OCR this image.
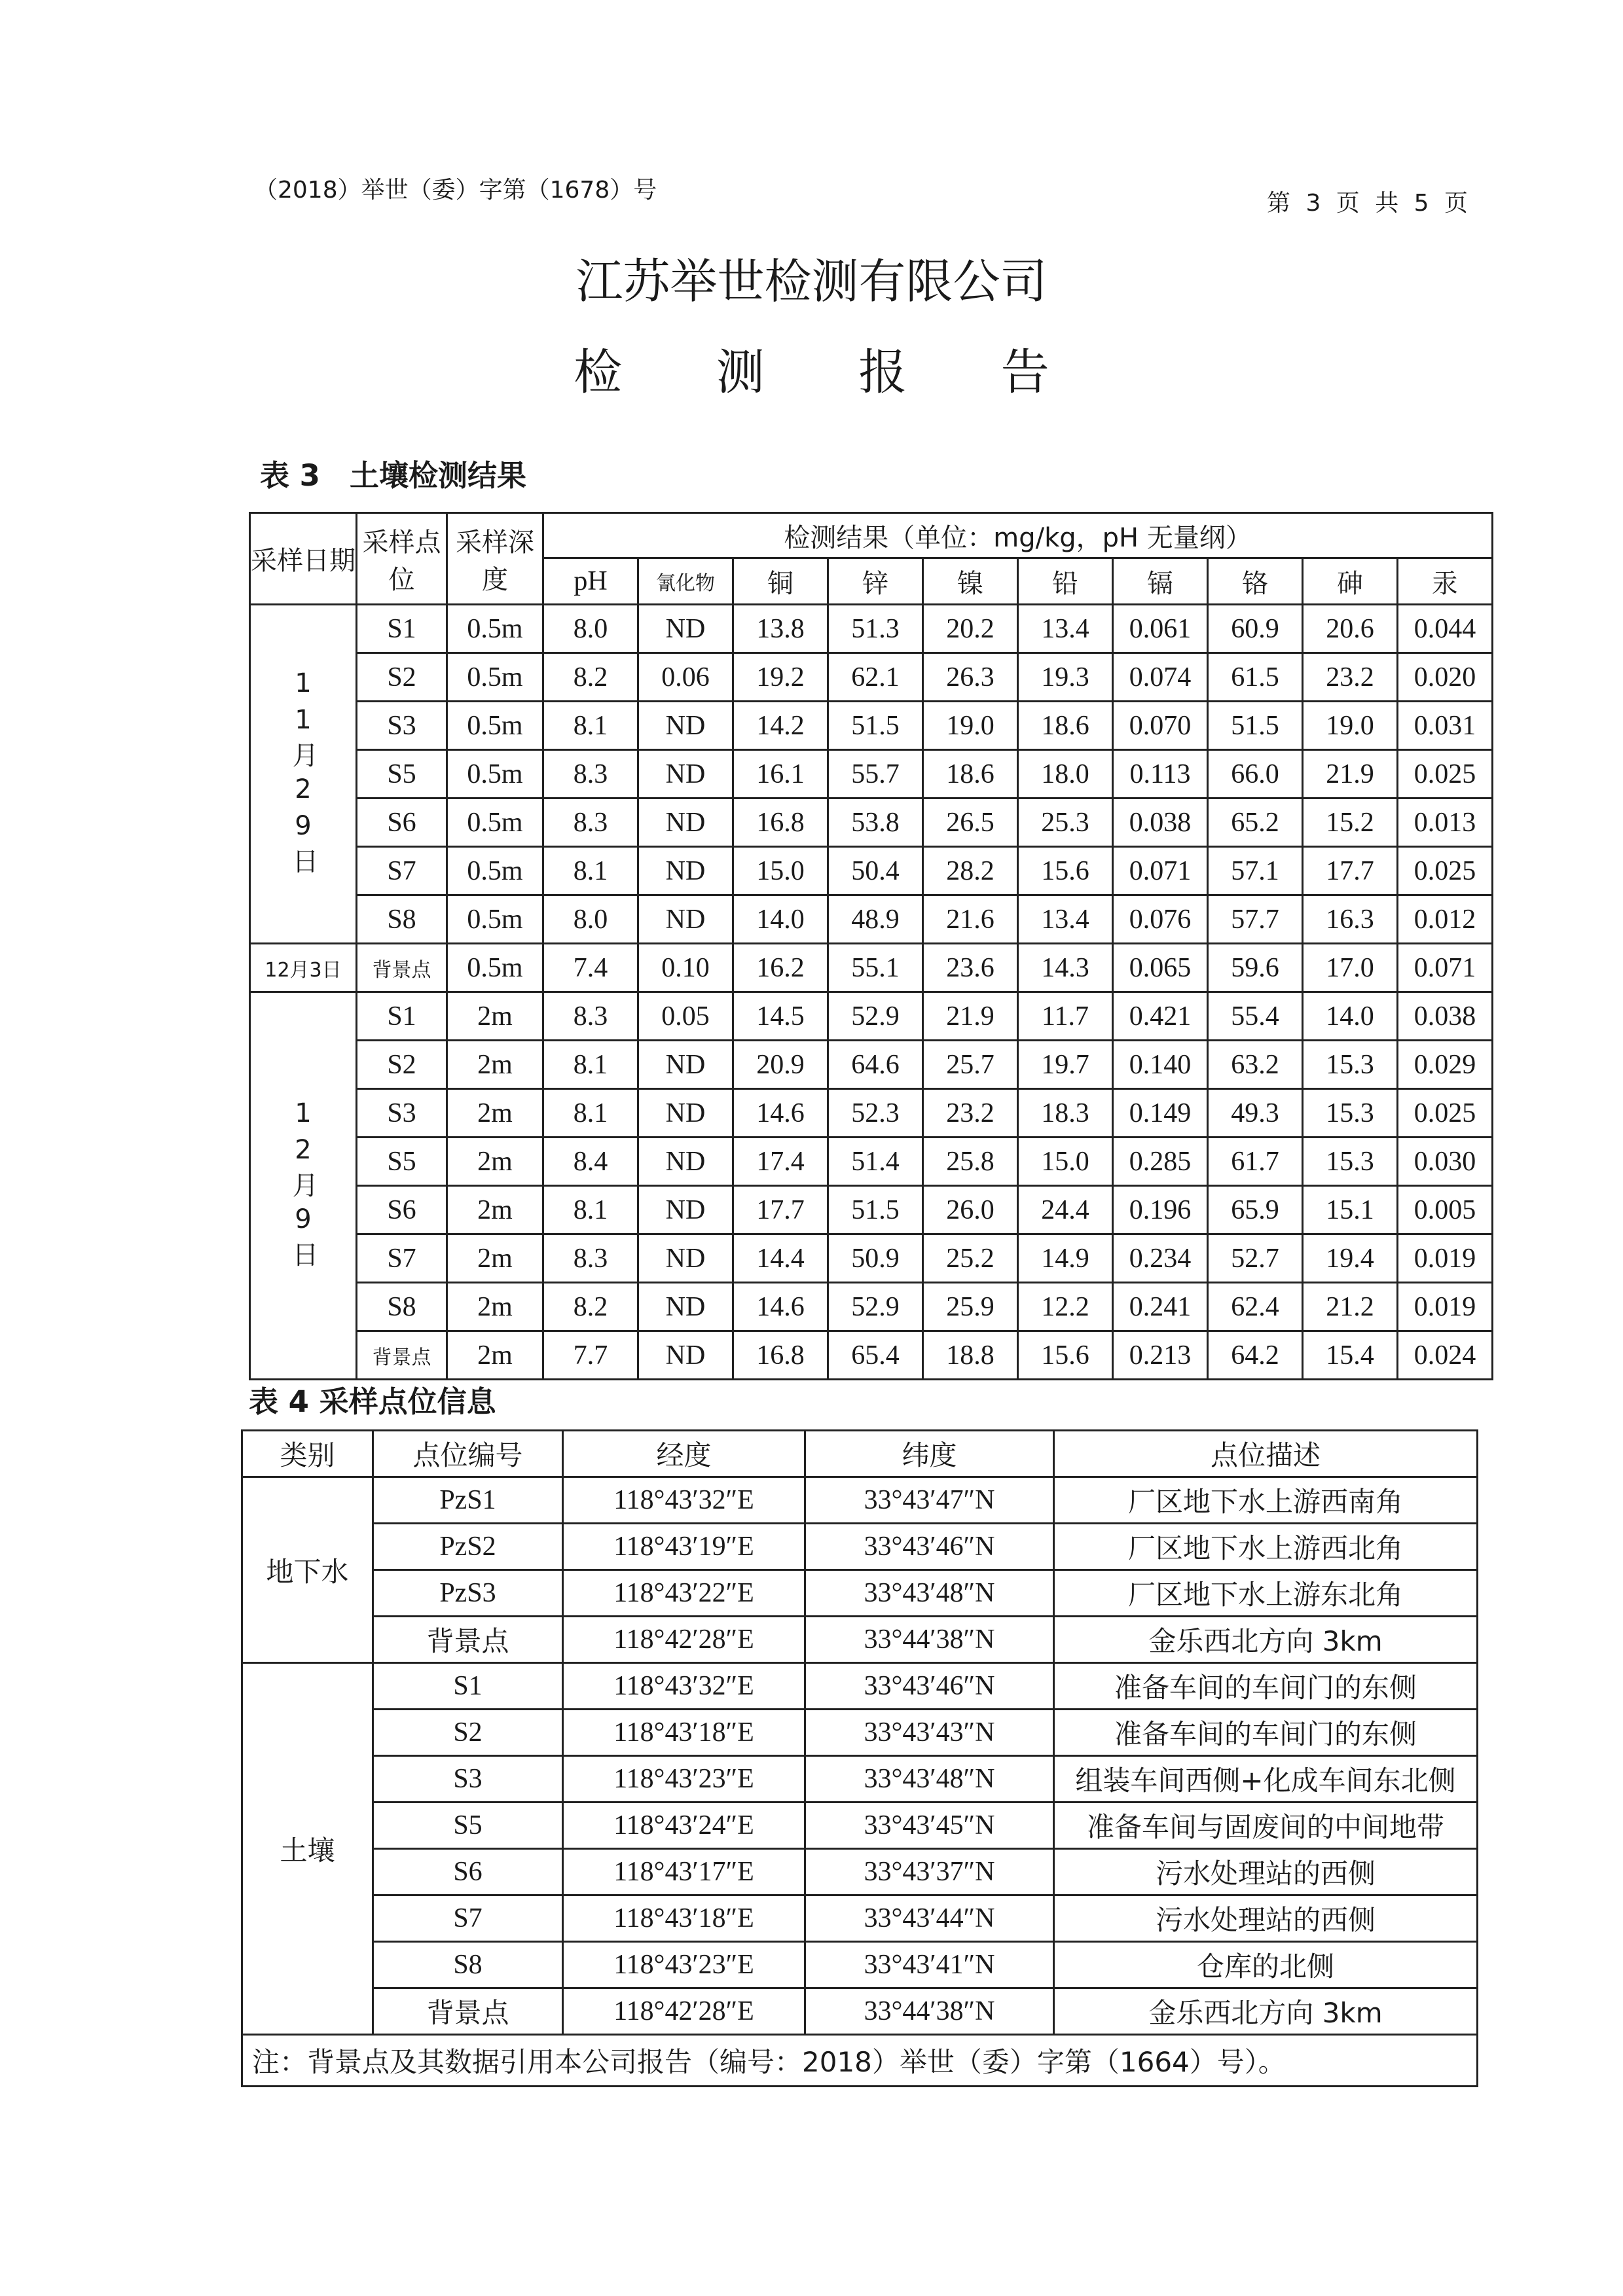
（2018）举世（委）字第（1678）号	第 3 页 共 5 页
江苏举世检测有限公司
检 测 报 告
表 3　土壤检测结果
采样日期	采样点位	采样深度	检测结果（单位：mg/kg，pH 无量纲）									
			pH	氰化物	铜	锌	镍	铅	镉	铬	砷	汞
11月29日	S1	0.5m	8.0	ND	13.8	51.3	20.2	13.4	0.061	60.9	20.6	0.044
	S2	0.5m	8.2	0.06	19.2	62.1	26.3	19.3	0.074	61.5	23.2	0.020
	S3	0.5m	8.1	ND	14.2	51.5	19.0	18.6	0.070	51.5	19.0	0.031
	S5	0.5m	8.3	ND	16.1	55.7	18.6	18.0	0.113	66.0	21.9	0.025
	S6	0.5m	8.3	ND	16.8	53.8	26.5	25.3	0.038	65.2	15.2	0.013
	S7	0.5m	8.1	ND	15.0	50.4	28.2	15.6	0.071	57.1	17.7	0.025
	S8	0.5m	8.0	ND	14.0	48.9	21.6	13.4	0.076	57.7	16.3	0.012
12月3日	背景点	0.5m	7.4	0.10	16.2	55.1	23.6	14.3	0.065	59.6	17.0	0.071
12月9日	S1	2m	8.3	0.05	14.5	52.9	21.9	11.7	0.421	55.4	14.0	0.038
	S2	2m	8.1	ND	20.9	64.6	25.7	19.7	0.140	63.2	15.3	0.029
	S3	2m	8.1	ND	14.6	52.3	23.2	18.3	0.149	49.3	15.3	0.025
	S5	2m	8.4	ND	17.4	51.4	25.8	15.0	0.285	61.7	15.3	0.030
	S6	2m	8.1	ND	17.7	51.5	26.0	24.4	0.196	65.9	15.1	0.005
	S7	2m	8.3	ND	14.4	50.9	25.2	14.9	0.234	52.7	19.4	0.019
	S8	2m	8.2	ND	14.6	52.9	25.9	12.2	0.241	62.4	21.2	0.019
	背景点	2m	7.7	ND	16.8	65.4	18.8	15.6	0.213	64.2	15.4	0.024
表 4 采样点位信息
类别	点位编号	经度	纬度	点位描述
地下水	PzS1	118°43′32″E	33°43′47″N	厂区地下水上游西南角
	PzS2	118°43′19″E	33°43′46″N	厂区地下水上游西北角
	PzS3	118°43′22″E	33°43′48″N	厂区地下水上游东北角
	背景点	118°42′28″E	33°44′38″N	金乐西北方向 3km
土壤	S1	118°43′32″E	33°43′46″N	准备车间的车间门的东侧
	S2	118°43′18″E	33°43′43″N	准备车间的车间门的东侧
	S3	118°43′23″E	33°43′48″N	组装车间西侧+化成车间东北侧
	S5	118°43′24″E	33°43′45″N	准备车间与固废间的中间地带
	S6	118°43′17″E	33°43′37″N	污水处理站的西侧
	S7	118°43′18″E	33°43′44″N	污水处理站的西侧
	S8	118°43′23″E	33°43′41″N	仓库的北侧
	背景点	118°42′28″E	33°44′38″N	金乐西北方向 3km
注：背景点及其数据引用本公司报告（编号：2018）举世（委）字第（1664）号）。				
